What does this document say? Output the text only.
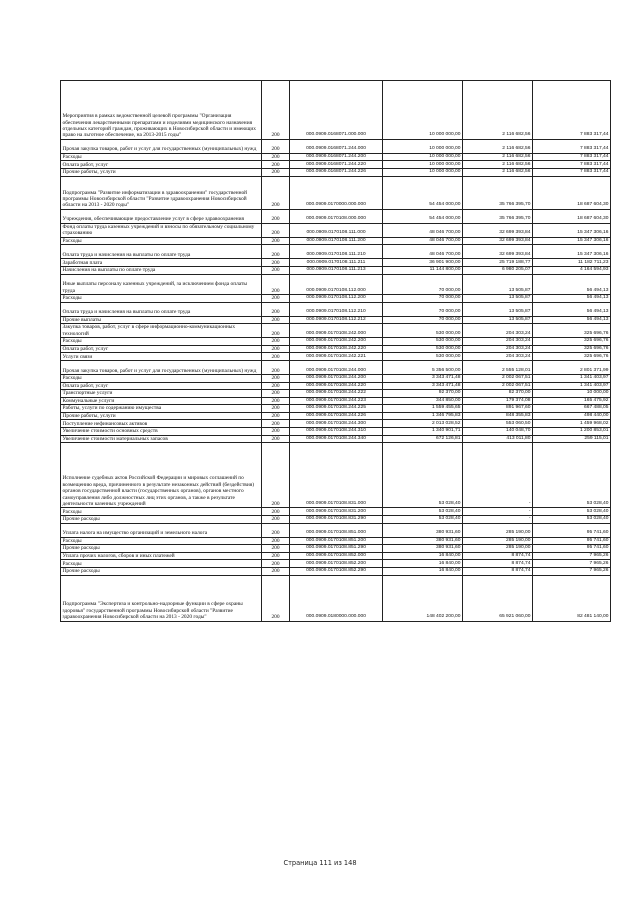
Мероприятия в рамках ведомственной целевой программы "Организация обеспечения лекарственными препаратами и изделиями медицинского назначения отдельных категорий граждан, проживающих в Новосибирской области и имеющих право на льготное обеспечение, на 2013-2015 годы"	200	000.0909.0168071.000.000	10 000 000,00	2 116 682,56	7 883 317,44
Прочая закупка товаров, работ и услуг для государственных (муниципальных) нужд	200	000.0909.0168071.244.000	10 000 000,00	2 116 682,56	7 883 317,44
Расходы	200	000.0909.0168071.244.200	10 000 000,00	2 116 682,56	7 883 317,44
Оплата работ, услуг	200	000.0909.0168071.244.220	10 000 000,00	2 116 682,56	7 883 317,44
Прочие работы, услуги	200	000.0909.0168071.244.226	10 000 000,00	2 116 682,56	7 883 317,44
Подпрограмма "Развитие информатизации в здравоохранении" государственной программы Новосибирской области "Развитие здравоохранения Новосибирской области на 2013 - 2020 годы"	200	000.0909.0170000.000.000	54 454 000,00	35 766 395,70	18 687 604,30
Учреждения, обеспечивающие предоставление услуг в сфере здравоохранения	200	000.0909.0170108.000.000	54 454 000,00	35 766 395,70	18 687 604,30
Фонд оплаты труда казенных учреждений и взносы по обязательному социальному страхованию	200	000.0909.0170108.111.000	48 046 700,00	32 699 393,84	15 347 306,16
Расходы	200	000.0909.0170108.111.200	48 046 700,00	32 699 393,84	15 347 306,16
Оплата труда и начисления на выплаты по оплате труда	200	000.0909.0170108.111.210	48 046 700,00	32 699 393,84	15 347 306,16
Заработная плата	200	000.0909.0170108.111.211	36 901 900,00	25 719 188,77	11 182 711,23
Начисления на выплаты по оплате труда	200	000.0909.0170108.111.213	11 144 800,00	6 980 205,07	4 164 594,93
Иные выплаты персоналу казенных учреждений, за исключением фонда оплаты труда	200	000.0909.0170108.112.000	70 000,00	13 505,87	56 494,13
Расходы	200	000.0909.0170108.112.200	70 000,00	13 505,87	56 494,13
Оплата труда и начисления на выплаты по оплате труда	200	000.0909.0170108.112.210	70 000,00	13 505,87	56 494,13
Прочие выплаты	200	000.0909.0170108.112.212	70 000,00	13 505,87	56 494,13
Закупка товаров, работ, услуг в сфере информационно-коммуникационных технологий	200	000.0909.0170108.242.000	530 000,00	204 303,24	325 696,76
Расходы	200	000.0909.0170108.242.200	530 000,00	204 303,24	325 696,76
Оплата работ, услуг	200	000.0909.0170108.242.220	530 000,00	204 303,24	325 696,76
Услуги связи	200	000.0909.0170108.242.221	530 000,00	204 303,24	325 696,76
Прочая закупка товаров, работ и услуг для государственных (муниципальных) нужд	200	000.0909.0170108.244.000	5 356 500,00	2 555 128,01	2 801 371,99
Расходы	200	000.0909.0170108.244.200	3 343 471,48	2 002 067,51	1 341 403,97
Оплата работ, услуг	200	000.0909.0170108.244.220	3 343 471,48	2 002 067,51	1 341 403,97
Транспортные услуги	200	000.0909.0170108.244.222	92 370,00	82 370,00	10 000,00
Коммунальные услуги	200	000.0909.0170108.244.223	344 850,00	179 374,08	165 475,92
Работы, услуги по содержанию имущества	200	000.0909.0170108.244.225	1 559 455,65	891 967,60	667 488,05
Прочие работы, услуги	200	000.0909.0170108.244.226	1 346 795,83	848 355,83	498 440,00
Поступление нефинансовых активов	200	000.0909.0170108.244.300	2 013 028,52	553 060,50	1 459 968,02
Увеличение стоимости основных средств	200	000.0909.0170108.244.310	1 340 901,71	140 048,70	1 200 853,01
Увеличение стоимости материальных запасов	200	000.0909.0170108.244.340	672 126,81	413 011,80	259 115,01
Исполнение судебных актов Российской Федерации и мировых соглашений по возмещению вреда, причиненного в результате незаконных действий (бездействия) органов государственной власти (государственных органов), органов местного самоуправления либо должностных лиц этих органов, а также в результате деятельности казенных учреждений	200	000.0909.0170108.831.000	53 028,40	-	53 028,40
Расходы	200	000.0909.0170108.831.200	53 028,40	-	53 028,40
Прочие расходы	200	000.0909.0170108.831.290	53 028,40	-	53 028,40
Уплата налога на имущество организаций и земельного налога	200	000.0909.0170108.851.000	380 931,60	285 190,00	95 741,60
Расходы	200	000.0909.0170108.851.200	380 931,60	285 190,00	95 741,60
Прочие расходы	200	000.0909.0170108.851.290	380 931,60	285 190,00	95 741,60
Уплата прочих налогов, сборов и иных платежей	200	000.0909.0170108.852.000	16 840,00	8 874,74	7 965,26
Расходы	200	000.0909.0170108.852.200	16 840,00	8 874,74	7 965,26
Прочие расходы	200	000.0909.0170108.852.290	16 840,00	8 874,74	7 965,26
Подпрограмма "Экспертиза и контрольно-надзорные функции в сфере охраны здоровья" государственной программы Новосибирской области "Развитие здравоохранения Новосибирской области на 2013 - 2020 годы"	200	000.0909.0180000.000.000	148 402 200,00	65 921 060,00	82 481 140,00
Страница 111 из 148
